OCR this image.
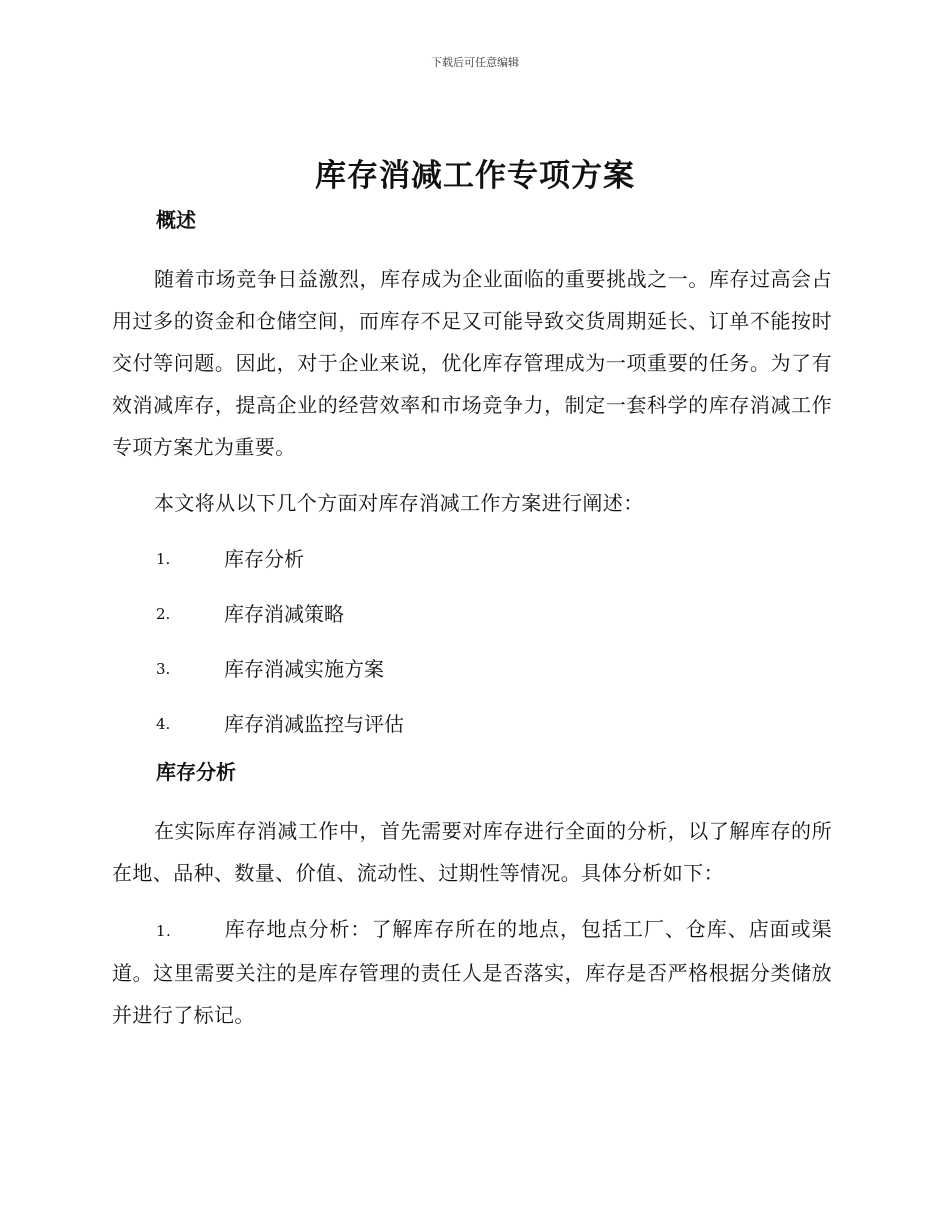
下载后可任意编辑
库存消减工作专项方案
概述

随着市场竞争日益激烈，库存成为企业面临的重要挑战之一。库存过高会占用过多的资金和仓储空间，而库存不足又可能导致交货周期延长、订单不能按时交付等问题。因此，对于企业来说，优化库存管理成为一项重要的任务。为了有效消减库存，提高企业的经营效率和市场竞争力，制定一套科学的库存消减工作专项方案尤为重要。

本文将从以下几个方面对库存消减工作方案进行阐述：

1.	库存分析
2.	库存消减策略
3.	库存消减实施方案
4.	库存消减监控与评估
库存分析

在实际库存消减工作中，首先需要对库存进行全面的分析，以了解库存的所在地、品种、数量、价值、流动性、过期性等情况。具体分析如下：

1.	库存地点分析：了解库存所在的地点，包括工厂、仓库、店面或渠道。这里需要关注的是库存管理的责任人是否落实，库存是否严格根据分类储放并进行了标记。
